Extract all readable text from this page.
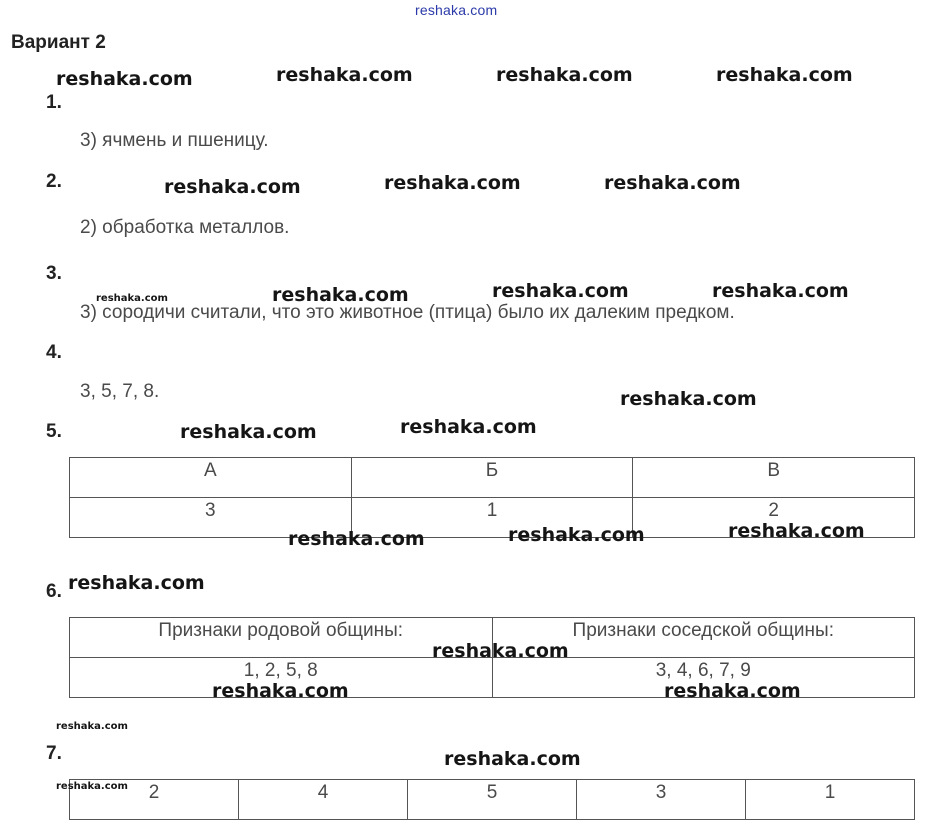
reshaka.com
Вариант 2
1.
3) ячмень и пшеницу.
2.
2) обработка металлов.
3.
3) сородичи считали, что это животное (птица) было их далеким предком.
4.
3, 5, 7, 8.
5.
А	Б	В
3	1	2
6.
Признаки родовой общины:	Признаки соседской общины:
1, 2, 5, 8	3, 4, 6, 7, 9
7.
2	4	5	3	1
reshaka.com	reshaka.com	reshaka.com	reshaka.com
reshaka.com	reshaka.com	reshaka.com
reshaka.com	reshaka.com	reshaka.com
reshaka.com
reshaka.com	reshaka.com
reshaka.com	reshaka.com	reshaka.com
reshaka.com
reshaka.com
reshaka.com	reshaka.com
reshaka.com
reshaka.com
reshaka.com
reshaka.com
